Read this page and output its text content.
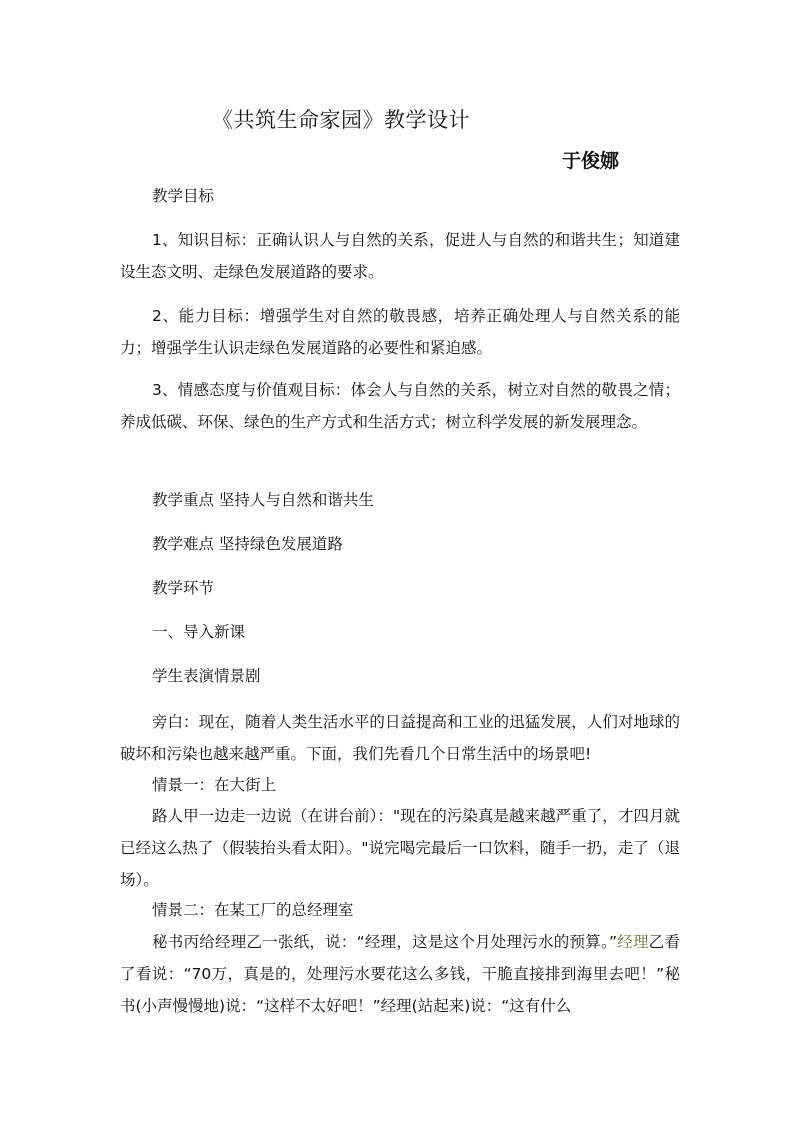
《共筑生命家园》教学设计
于俊娜
教学目标

1、知识目标：正确认识人与自然的关系，促进人与自然的和谐共生；知道建设生态文明、走绿色发展道路的要求。

2、能力目标：增强学生对自然的敬畏感，培养正确处理人与自然关系的能力；增强学生认识走绿色发展道路的必要性和紧迫感。

3、情感态度与价值观目标：体会人与自然的关系，树立对自然的敬畏之情；养成低碳、环保、绿色的生产方式和生活方式；树立科学发展的新发展理念。

教学重点 坚持人与自然和谐共生
教学难点 坚持绿色发展道路
教学环节
一、导入新课
学生表演情景剧

旁白：现在，随着人类生活水平的日益提高和工业的迅猛发展，人们对地球的破坏和污染也越来越严重。下面，我们先看几个日常生活中的场景吧!

情景一：在大街上

路人甲一边走一边说（在讲台前）："现在的污染真是越来越严重了，才四月就已经这么热了（假装抬头看太阳）。"说完喝完最后一口饮料，随手一扔，走了（退场）。

情景二：在某工厂的总经理室

秘书丙给经理乙一张纸，说：“经理，这是这个月处理污水的预算。”经理乙看了看说：“70万，真是的，处理污水要花这么多钱，干脆直接排到海里去吧！”秘书(小声慢慢地)说：“这样不太好吧！”经理(站起来)说：“这有什么
